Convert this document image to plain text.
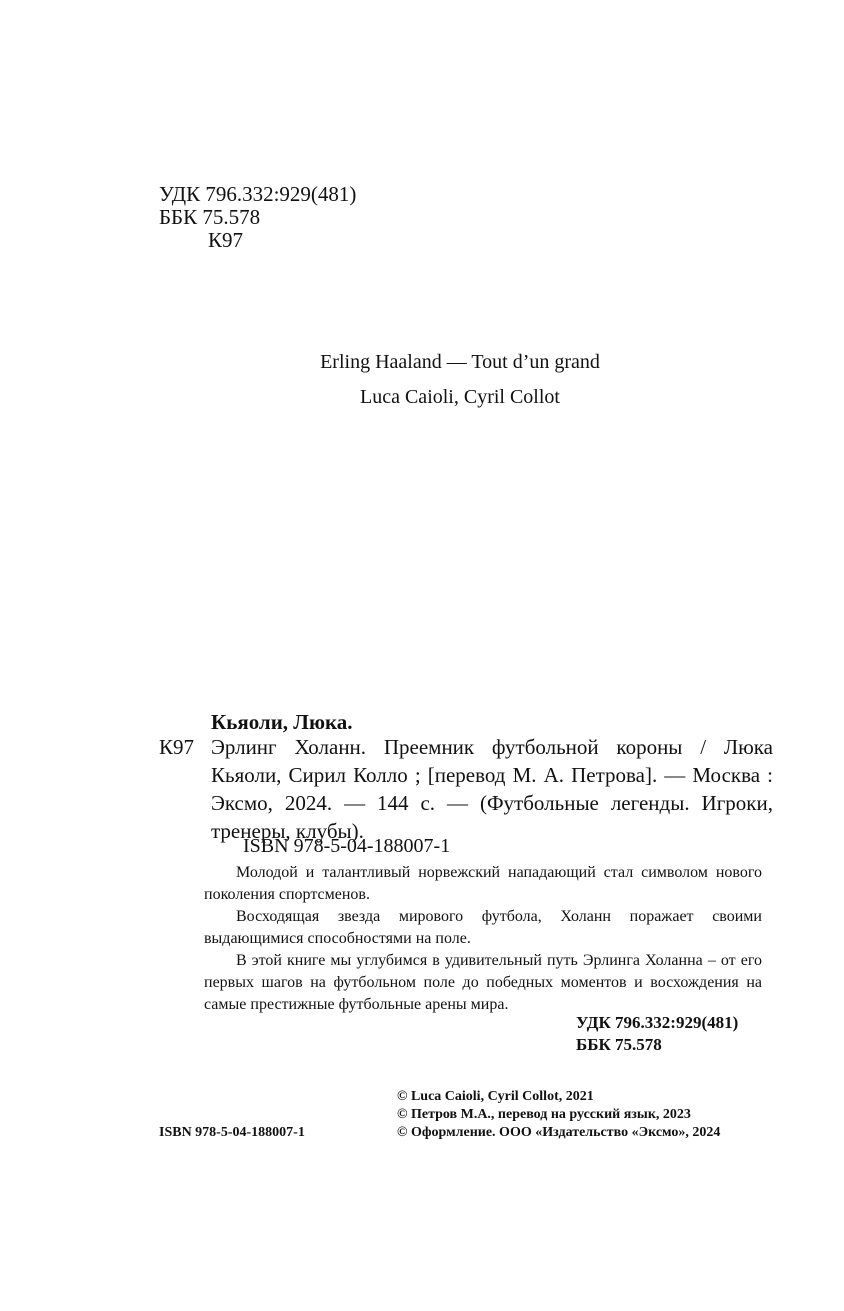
УДК 796.332:929(481)
ББК 75.578
К97
Erling Haaland — Tout d’un grand
Luca Caioli, Cyril Collot
Кьяоли, Люка.
К97 Эрлинг Холанн. Преемник футбольной короны / Люка Кьяоли, Сирил Колло ; [перевод М. А. Петрова]. — Москва : Эксмо, 2024. — 144 с. — (Футбольные легенды. Игроки, тренеры, клубы).
ISBN 978-5-04-188007-1

Молодой и талантливый норвежский нападающий стал символом нового поколения спортсменов.

Восходящая звезда мирового футбола, Холанн поражает своими выдающимися способностями на поле.

В этой книге мы углубимся в удивительный путь Эрлинга Холанна – от его первых шагов на футбольном поле до победных моментов и восхождения на самые престижные футбольные арены мира.

УДК 796.332:929(481)
ББК 75.578
© Luca Caioli, Cyril Collot, 2021
© Петров М.А., перевод на русский язык, 2023
© Оформление. ООО «Издательство «Эксмо», 2024
ISBN 978-5-04-188007-1
